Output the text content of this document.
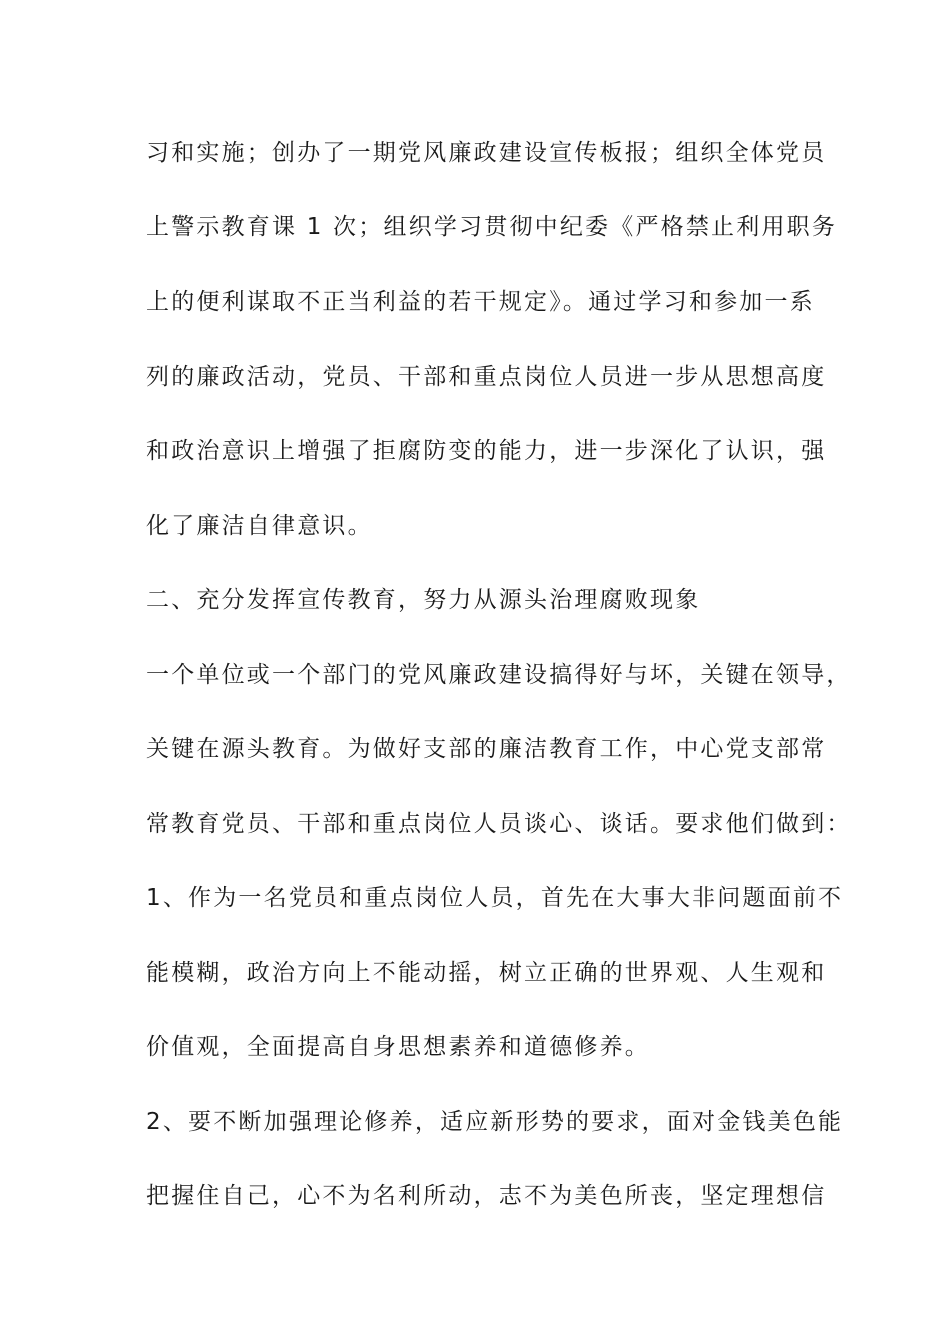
习和实施；创办了一期党风廉政建设宣传板报；组织全体党员
上警示教育课 1 次；组织学习贯彻中纪委《严格禁止利用职务
上的便利谋取不正当利益的若干规定》。通过学习和参加一系
列的廉政活动，党员、干部和重点岗位人员进一步从思想高度
和政治意识上增强了拒腐防变的能力，进一步深化了认识，强
化了廉洁自律意识。
二、充分发挥宣传教育，努力从源头治理腐败现象
一个单位或一个部门的党风廉政建设搞得好与坏，关键在领导，
关键在源头教育。为做好支部的廉洁教育工作，中心党支部常
常教育党员、干部和重点岗位人员谈心、谈话。要求他们做到：
1、作为一名党员和重点岗位人员，首先在大事大非问题面前不
能模糊，政治方向上不能动摇，树立正确的世界观、人生观和
价值观，全面提高自身思想素养和道德修养。
2、要不断加强理论修养，适应新形势的要求，面对金钱美色能
把握住自己，心不为名利所动，志不为美色所丧，坚定理想信
